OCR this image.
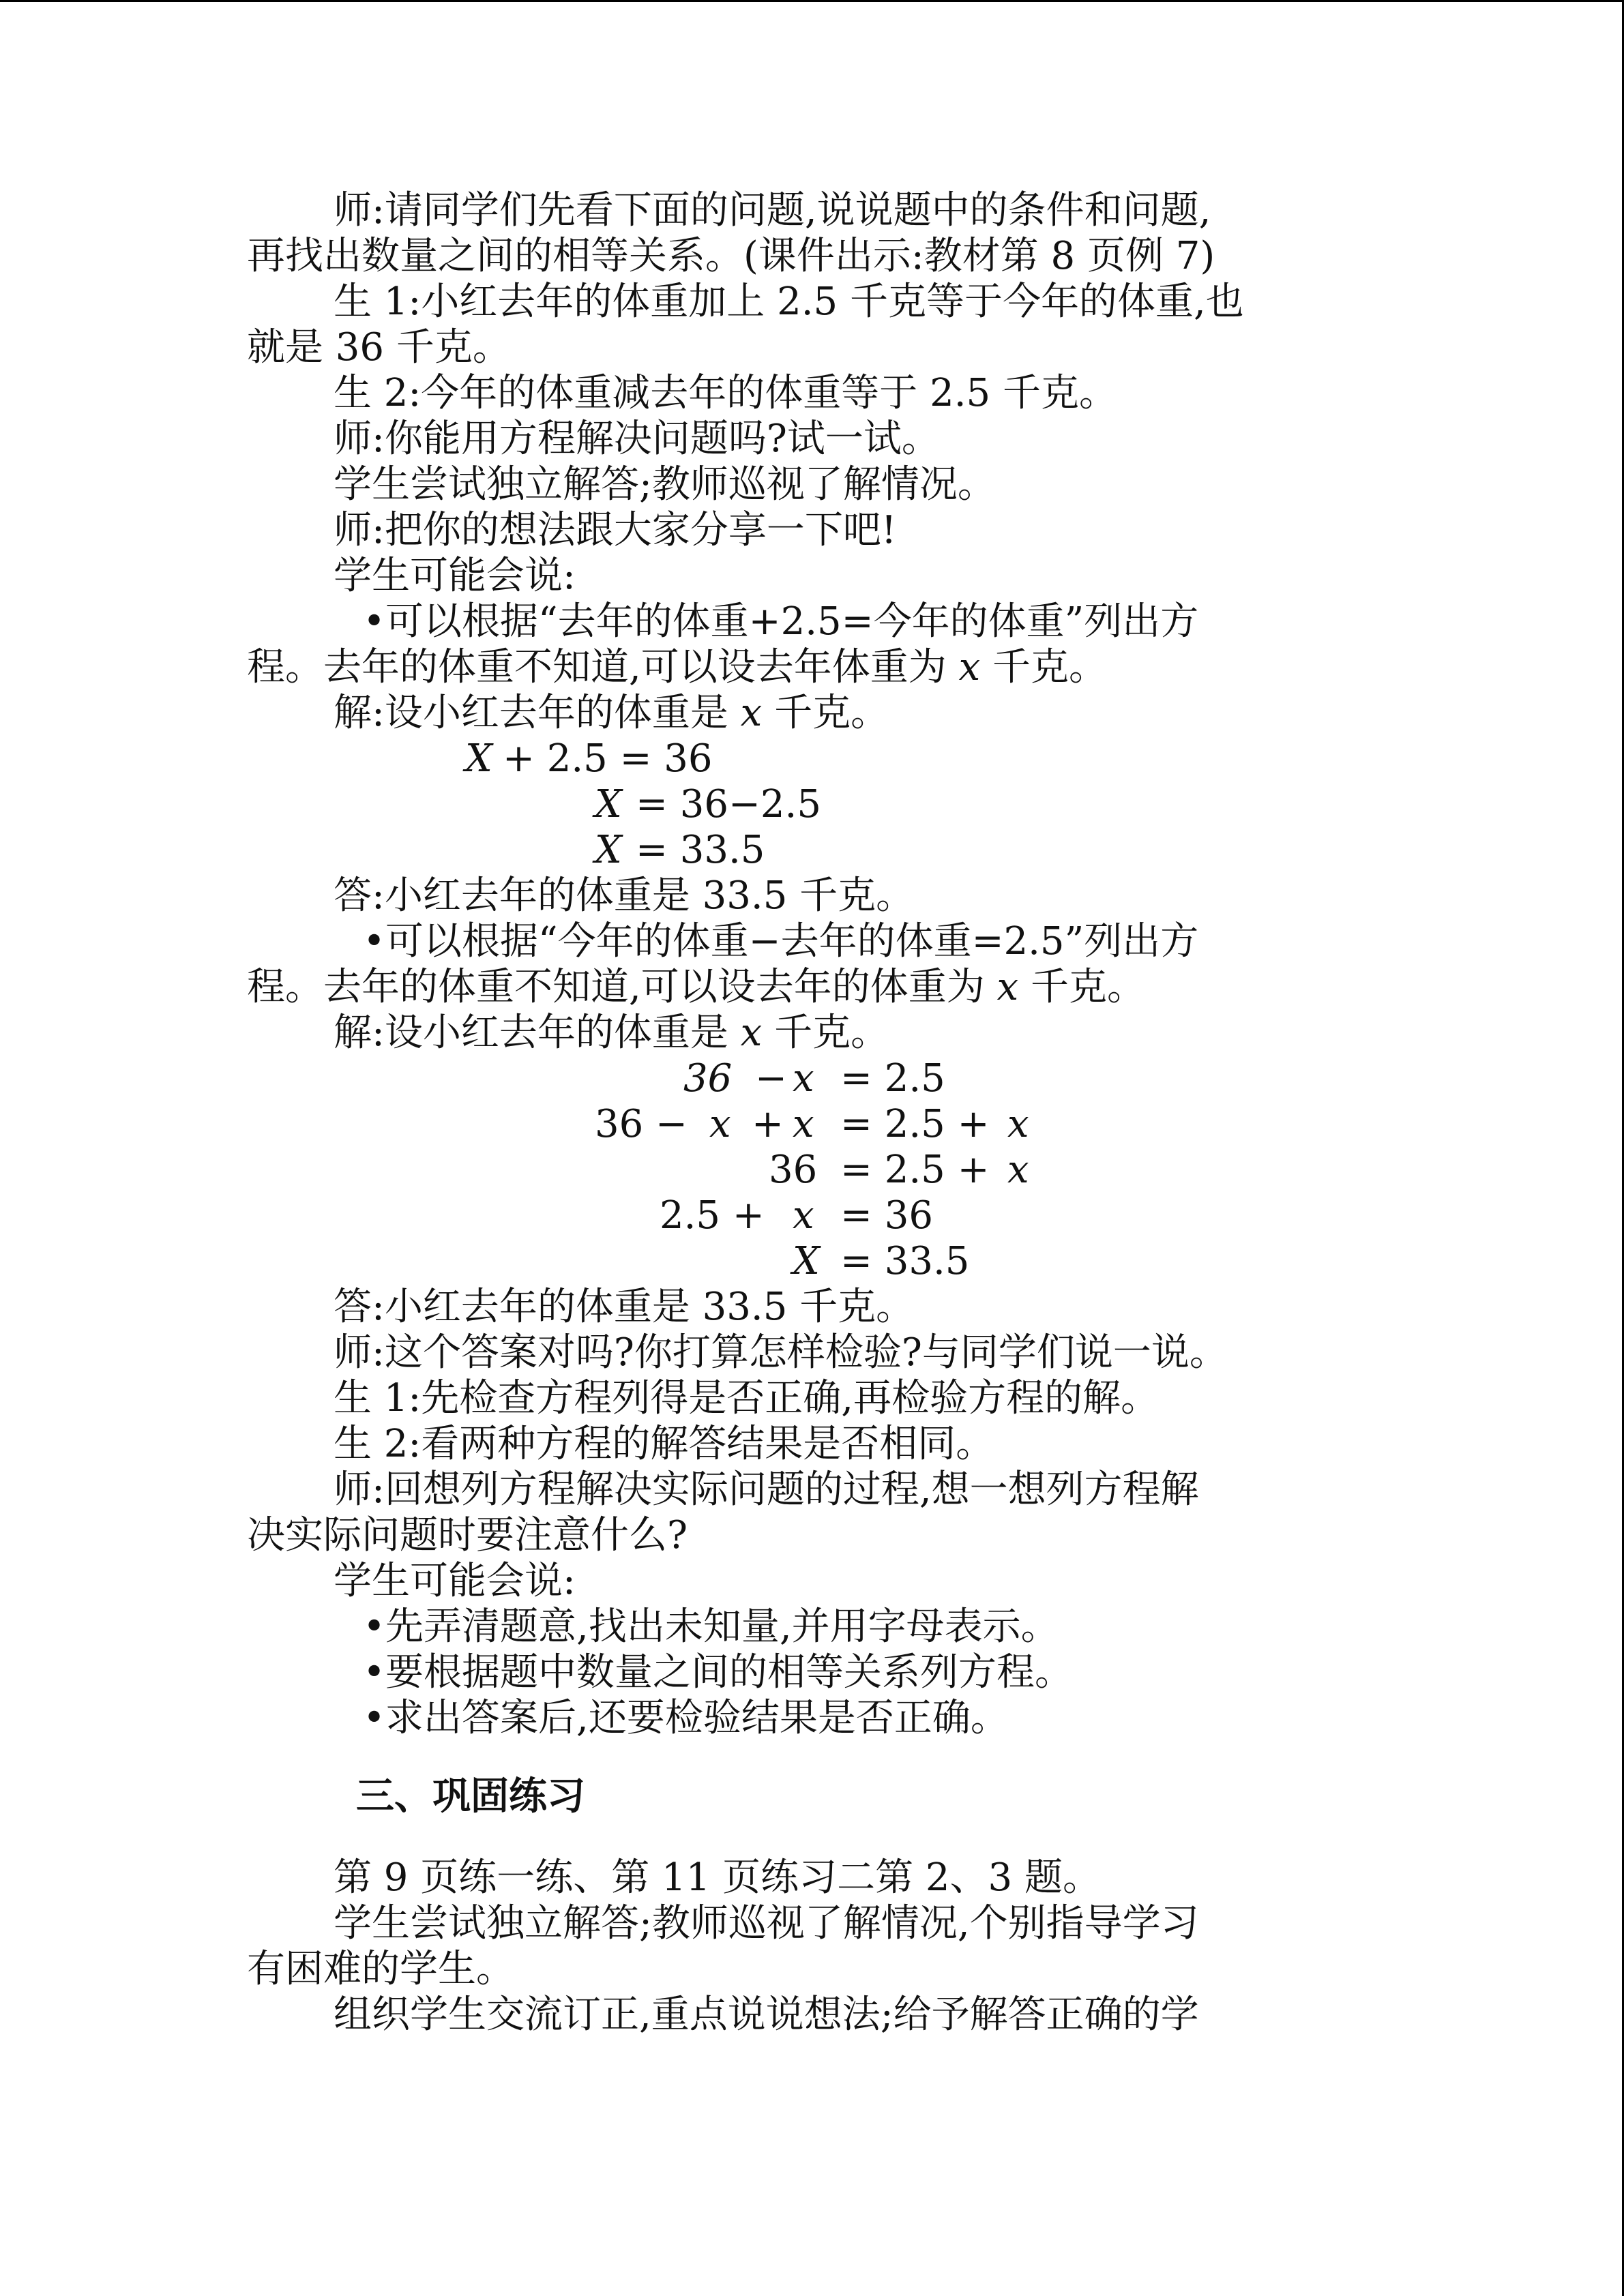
师:请同学们先看下面的问题,说说题中的条件和问题,
再找出数量之间的相等关系。(课件出示:教材第 8 页例 7)
生 1:小红去年的体重加上 2.5 千克等于今年的体重,也
就是 36 千克。
生 2:今年的体重减去年的体重等于 2.5 千克。
师:你能用方程解决问题吗?试一试。
学生尝试独立解答;教师巡视了解情况。
师:把你的想法跟大家分享一下吧!
学生可能会说:
•可以根据“去年的体重+2.5=今年的体重”列出方
程。去年的体重不知道,可以设去年体重为 x 千克。
解:设小红去年的体重是 x 千克。
X + 2.5 = 36
X = 36−2.5
X = 33.5
答:小红去年的体重是 33.5 千克。
•可以根据“今年的体重−去年的体重=2.5”列出方
程。去年的体重不知道,可以设去年的体重为 x 千克。
解:设小红去年的体重是 x 千克。
36 − x = 2.5
36 − x + x = 2.5 + x
36 = 2.5 + x
2.5 + x = 36
X = 33.5
答:小红去年的体重是 33.5 千克。
师:这个答案对吗?你打算怎样检验?与同学们说一说。
生 1:先检查方程列得是否正确,再检验方程的解。
生 2:看两种方程的解答结果是否相同。
师:回想列方程解决实际问题的过程,想一想列方程解
决实际问题时要注意什么?
学生可能会说:
•先弄清题意,找出未知量,并用字母表示。
•要根据题中数量之间的相等关系列方程。
•求出答案后,还要检验结果是否正确。
三、巩固练习
第 9 页练一练、第 11 页练习二第 2、3 题。
学生尝试独立解答;教师巡视了解情况,个别指导学习
有困难的学生。
组织学生交流订正,重点说说想法;给予解答正确的学
